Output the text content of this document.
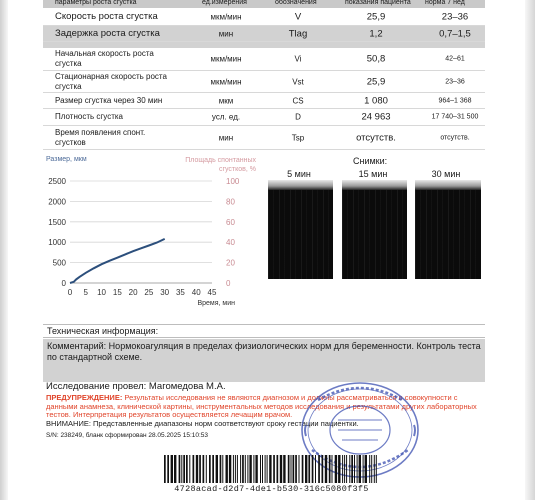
параметры роста сгустка	ед.измерения	обозначения	показания пациента норма 7 нед
Скорость роста сгустка	мкм/мин	V	25,9	23–36
Задержка роста сгустка	мин	Tlag	1,2	0,7–1,5
Начальная скорость роста сгустка	мкм/мин	Vi	50,8	42–61
Стационарная скорость роста сгустка	мкм/мин	Vst	25,9	23–36
Размер сгустка через 30 мин	мкм	CS	1 080	964–1 368
Плотность сгустка	усл. ед.	D	24 963	17 740–31 500
Время появления спонт. сгустков	мин	Tsp	отсутств.	отсутств.
Размер, мкм	Площадь спонтанных сгустков, %
0
500
1000
1500
2000
2500
0
20
40
60
80
100
0 5 10 15 20 25 30 35 40 45
Время, мин
Снимки:
5 мин	15 мин	30 мин
Техническая информация:
Комментарий: Нормокоагуляция в пределах физиологических норм для беременности. Контроль теста по стандартной схеме.
Исследование провел: Магомедова М.А.
ПРЕДУПРЕЖДЕНИЕ: Результаты исследования не являются диагнозом и должны рассматриваться в совокупности с данными анамнеза, клинической картины, инструментальных методов исследования и результатами других лабораторных тестов. Интерпретация результатов осуществляется лечащим врачом.
ВНИМАНИЕ: Представленные диапазоны норм соответствуют сроку гестации пациентки.
S/N: 238249, бланк сформирован 28.05.2025 15:10:53
4728acad-d2d7-4de1-b530-316c5080f3f5
